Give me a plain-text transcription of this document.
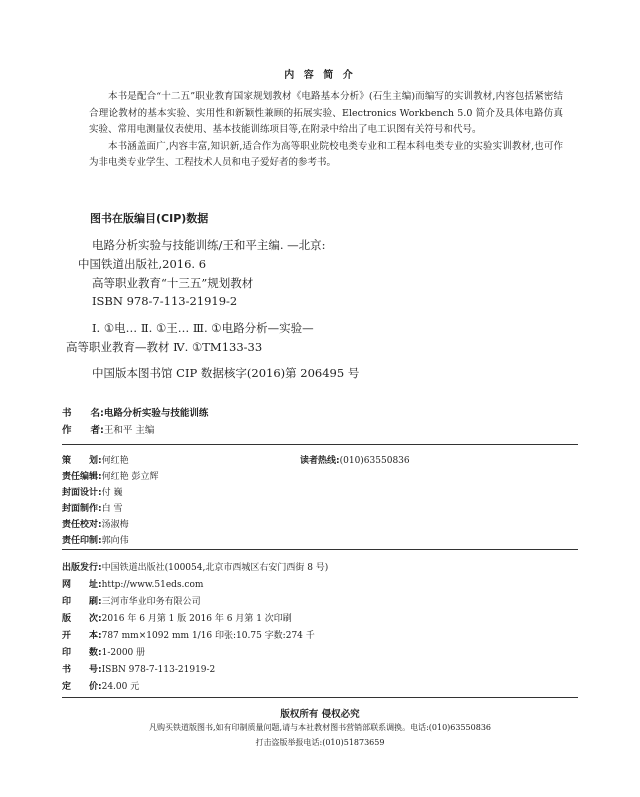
内 容 简 介

本书是配合“十二五”职业教育国家规划教材《电路基本分析》(石生主编)而编写的实训教材,内容包括紧密结合理论教材的基本实验、实用性和新颖性兼顾的拓展实验、Electronics Workbench 5.0 简介及具体电路仿真实验、常用电测量仪表使用、基本技能训练项目等,在附录中给出了电工识图有关符号和代号。

本书涵盖面广,内容丰富,知识新,适合作为高等职业院校电类专业和工程本科电类专业的实验实训教材,也可作为非电类专业学生、工程技术人员和电子爱好者的参考书。

图书在版编目(CIP)数据
电路分析实验与技能训练/王和平主编. —北京:
中国铁道出版社,2016. 6
高等职业教育“十三五”规划教材
ISBN 978-7-113-21919-2
Ⅰ. ①电… Ⅱ. ①王… Ⅲ. ①电路分析—实验—
高等职业教育—教材 Ⅳ. ①TM133-33
中国版本图书馆 CIP 数据核字(2016)第 206495 号
书　　名:电路分析实验与技能训练
作　　者:王和平 主编
策　　划:何红艳	读者热线:(010)63550836
责任编辑:何红艳 彭立辉
封面设计:付 巍
封面制作:白 雪
责任校对:汤淑梅
责任印制:郭向伟
出版发行:中国铁道出版社(100054,北京市西城区右安门西街 8 号)
网　　址:http://www.51eds.com
印　　刷:三河市华业印务有限公司
版　　次:2016 年 6 月第 1 版 2016 年 6 月第 1 次印刷
开　　本:787 mm×1092 mm 1/16 印张:10.75 字数:274 千
印　　数:1-2000 册
书　　号:ISBN 978-7-113-21919-2
定　　价:24.00 元
版权所有 侵权必究
凡购买铁道版图书,如有印制质量问题,请与本社教材图书营销部联系调换。电话:(010)63550836
打击盗版举报电话:(010)51873659
